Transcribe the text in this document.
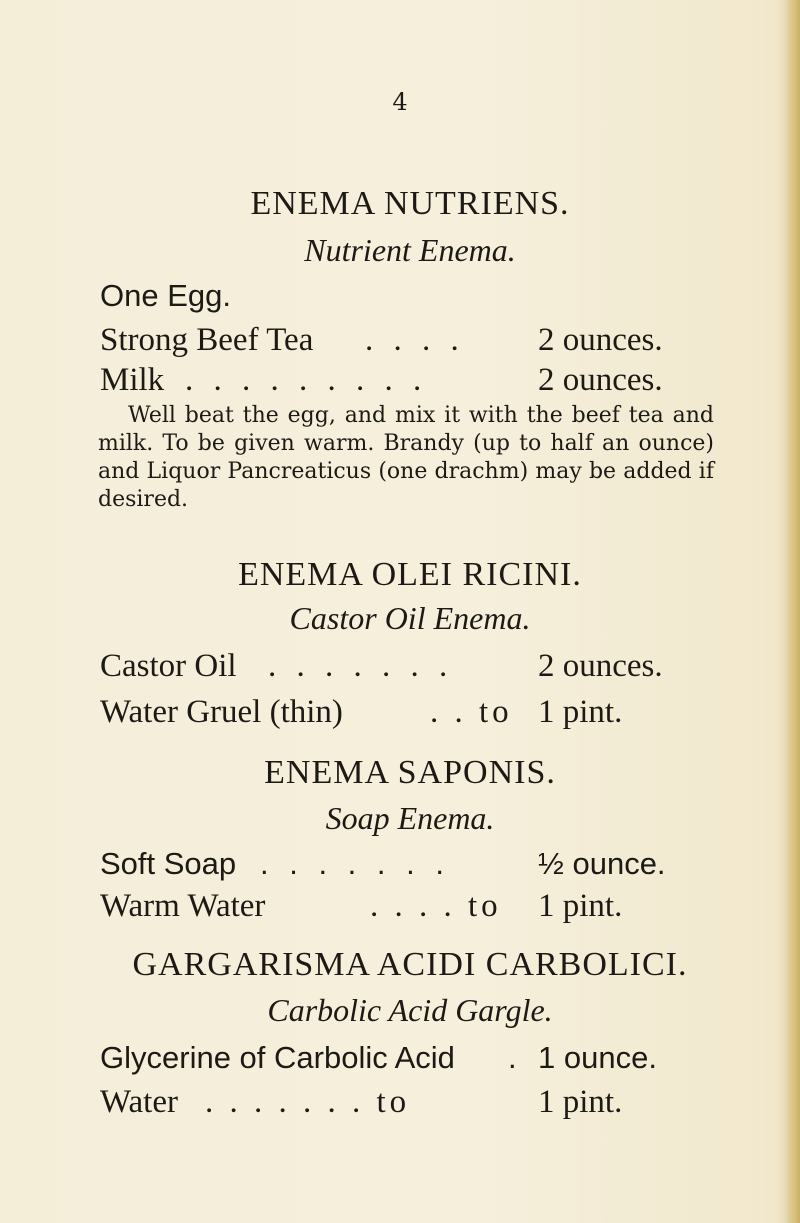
4
ENEMA NUTRIENS.
Nutrient Enema.
One Egg.
Strong Beef Tea . . . . 2 ounces.
Milk . . . . . . . . .	2 ounces.
Well beat the egg, and mix it with the beef tea and milk. To be given warm. Brandy (up to half an ounce) and Liquor Pancreaticus (one drachm) may be added if desired.
ENEMA OLEI RICINI.
Castor Oil Enema.
Castor Oil . . . . . . .	2 ounces.
Water Gruel (thin)	. . to 1 pint.
ENEMA SAPONIS.
Soap Enema.
Soft Soap . . . . . . .	½ ounce.
Warm Water	. . . . to 1 pint.
GARGARISMA ACIDI CARBOLICI.
Carbolic Acid Gargle.
Glycerine of Carbolic Acid . 1 ounce.
Water . . . . . . . to	1 pint.
